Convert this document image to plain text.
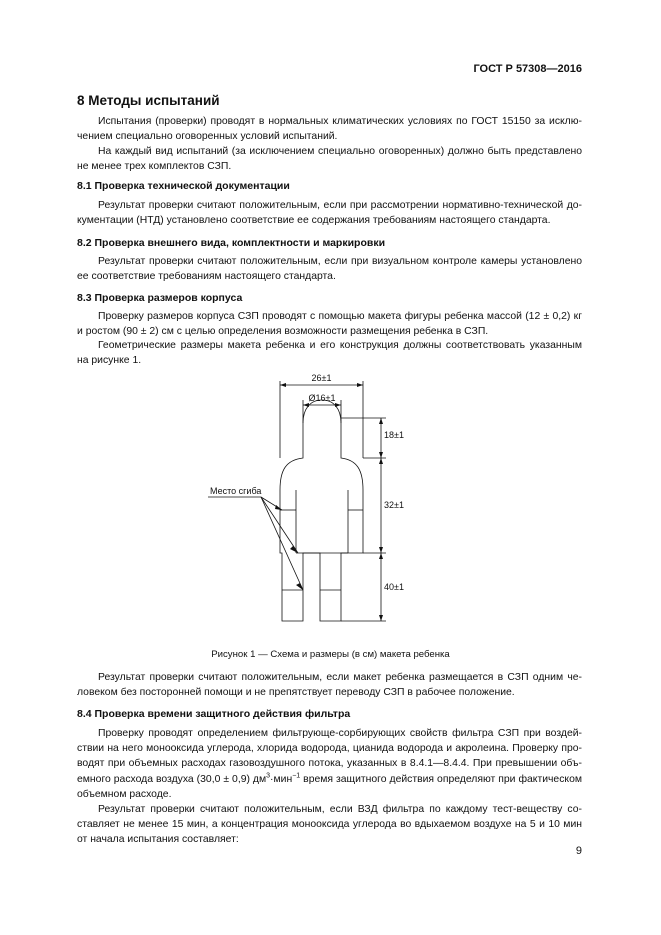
ГОСТ Р 57308—2016
8 Методы испытаний
Испытания (проверки) проводят в нормальных климатических условиях по ГОСТ 15150 за исклю-
чением специально оговоренных условий испытаний.
На каждый вид испытаний (за исключением специально оговоренных) должно быть представлено
не менее трех комплектов СЗП.
8.1 Проверка технической документации
Результат проверки считают положительным, если при рассмотрении нормативно-технической до-
кументации (НТД) установлено соответствие ее содержания требованиям настоящего стандарта.
8.2 Проверка внешнего вида, комплектности и маркировки
Результат проверки считают положительным, если при визуальном контроле камеры установлено
ее соответствие требованиям настоящего стандарта.
8.3 Проверка размеров корпуса
Проверку размеров корпуса СЗП проводят с помощью макета фигуры ребенка массой (12 ± 0,2) кг
и ростом (90 ± 2) см с целью определения возможности размещения ребенка в СЗП.
Геометрические размеры макета ребенка и его конструкция должны соответствовать указанным
на рисунке 1.
26±1
Ø16±1
18±1
32±1
40±1
Место сгиба
Рисунок 1 — Схема и размеры (в см) макета ребенка
Результат проверки считают положительным, если макет ребенка размещается в СЗП одним че-
ловеком без посторонней помощи и не препятствует переводу СЗП в рабочее положение.
8.4 Проверка времени защитного действия фильтра
Проверку проводят определением фильтрующе-сорбирующих свойств фильтра СЗП при воздей-
ствии на него монооксида углерода, хлорида водорода, цианида водорода и акролеина. Проверку про-
водят при объемных расходах газовоздушного потока, указанных в 8.4.1—8.4.4. При превышении объ-
емного расхода воздуха (30,0 ± 0,9) $дм^3\cdot мин^{-1}$ время защитного действия определяют при фактическом
объемном расходе.
Результат проверки считают положительным, если ВЗД фильтра по каждому тест-веществу со-
ставляет не менее 15 мин, а концентрация монооксида углерода во вдыхаемом воздухе на 5 и 10 мин
от начала испытания составляет:
9
